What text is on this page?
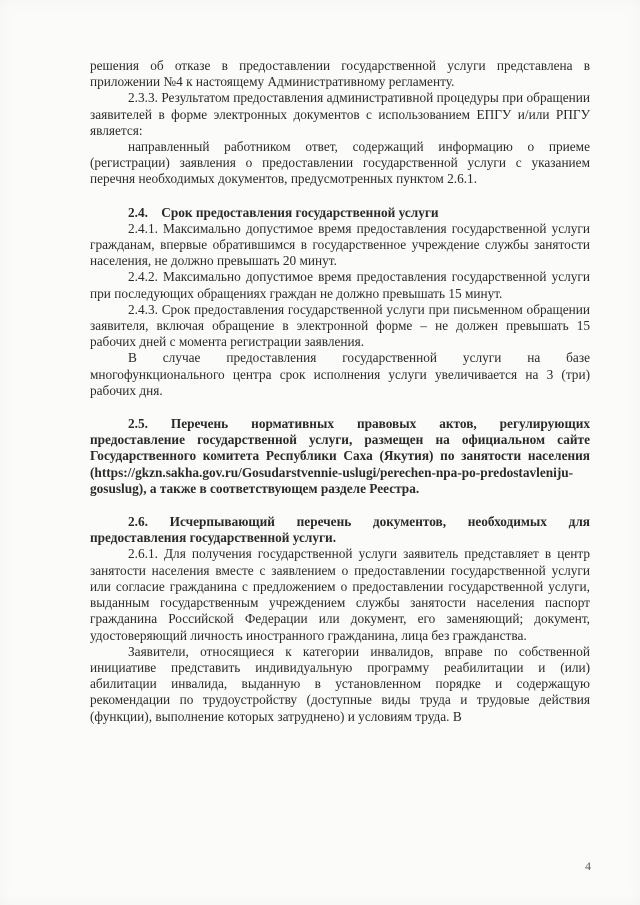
решения об отказе в предоставлении государственной услуги представлена в приложении №4 к настоящему Административному регламенту.

2.3.3. Результатом предоставления административной процедуры при обращении заявителей в форме электронных документов с использованием ЕПГУ и/или РПГУ является:

направленный работником ответ, содержащий информацию о приеме (регистрации) заявления о предоставлении государственной услуги с указанием перечня необходимых документов, предусмотренных пунктом 2.6.1.

2.4.    Срок предоставления государственной услуги

2.4.1. Максимально допустимое время предоставления государственной услуги гражданам, впервые обратившимся в государственное учреждение службы занятости населения, не должно превышать 20 минут.

2.4.2. Максимально допустимое время предоставления государственной услуги при последующих обращениях граждан не должно превышать 15 минут.

2.4.3. Срок предоставления государственной услуги при письменном обращении заявителя, включая обращение в электронной форме – не должен превышать 15 рабочих дней с момента регистрации заявления.

В случае предоставления государственной услуги на базе многофункционального центра срок исполнения услуги увеличивается на 3 (три) рабочих дня.

2.5. Перечень нормативных правовых актов, регулирующих предоставление государственной услуги, размещен на официальном сайте Государственного комитета Республики Саха (Якутия) по занятости населения (https://gkzn.sakha.gov.ru/Gosudarstvennie-uslugi/perechen-npa-po-predostavleniju-gosuslug), а также в соответствующем разделе Реестра.

2.6. Исчерпывающий перечень документов, необходимых для предоставления государственной услуги.

2.6.1. Для получения государственной услуги заявитель представляет в центр занятости населения вместе с заявлением о предоставлении государственной услуги или согласие гражданина с предложением о предоставлении государственной услуги, выданным государственным учреждением службы занятости населения паспорт гражданина Российской Федерации или документ, его заменяющий; документ, удостоверяющий личность иностранного гражданина, лица без гражданства.

Заявители, относящиеся к категории инвалидов, вправе по собственной инициативе представить индивидуальную программу реабилитации и (или) абилитации инвалида, выданную в установленном порядке и содержащую рекомендации по трудоустройству (доступные виды труда и трудовые действия (функции), выполнение которых затруднено) и условиям труда. В

4
